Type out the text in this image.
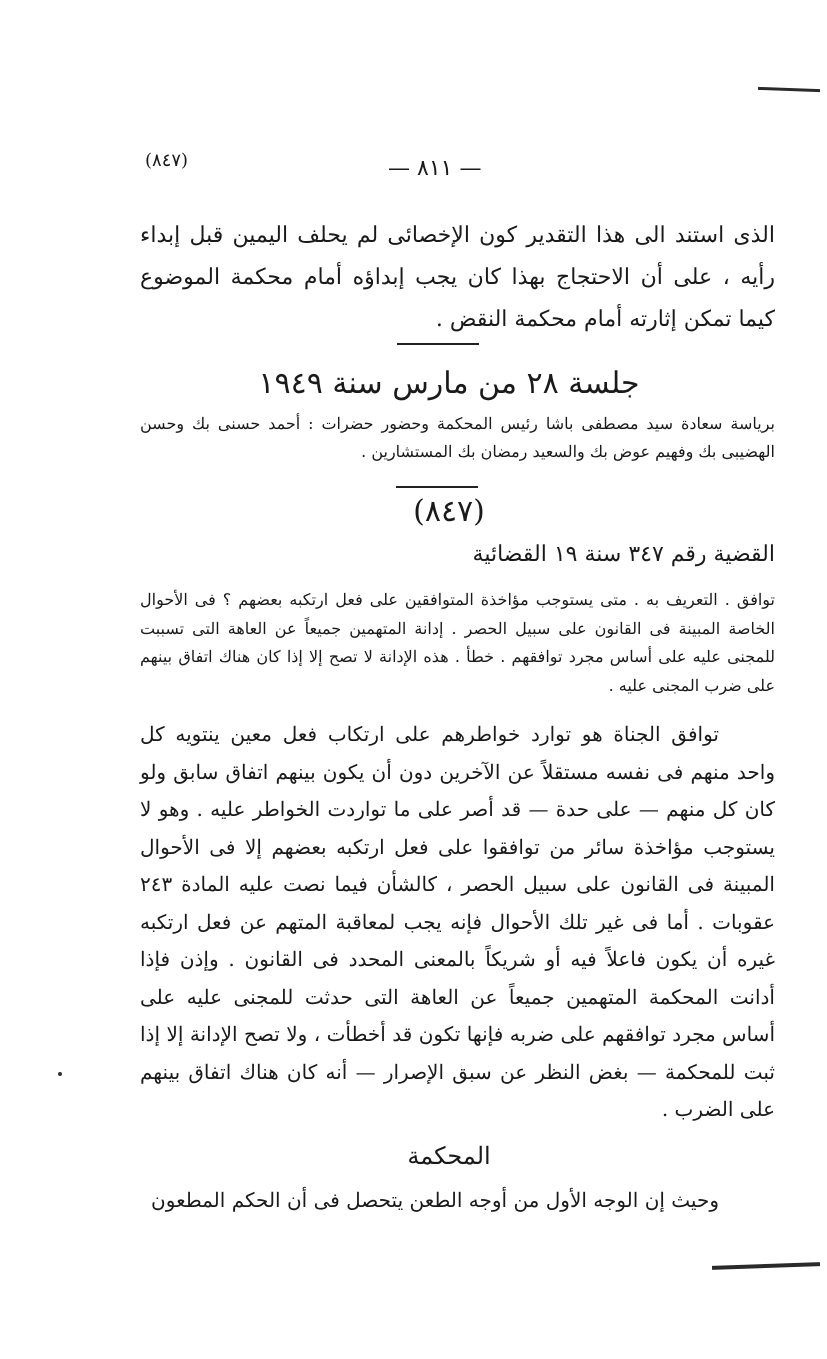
(٨٤٧)	— ٨١١ —

الذى استند الى هذا التقدير كون الإخصائى لم يحلف اليمين قبل إبداء رأيه ، على أن الاحتجاج بهذا كان يجب إبداؤه أمام محكمة الموضوع كيما تمكن إثارته أمام محكمة النقض .

جلسة ٢٨ من مارس سنة ١٩٤٩

برياسة سعادة سيد مصطفى باشا رئيس المحكمة وحضور حضرات : أحمد حسنى بك وحسن الهضيبى بك وفهيم عوض بك والسعيد رمضان بك المستشارين .

(٨٤٧)
القضية رقم ٣٤٧ سنة ١٩ القضائية

توافق . التعريف به . متى يستوجب مؤاخذة المتوافقين على فعل ارتكبه بعضهم ؟ فى الأحوال الخاصة المبينة فى القانون على سبيل الحصر . إدانة المتهمين جميعاً عن العاهة التى تسببت للمجنى عليه على أساس مجرد توافقهم . خطأ . هذه الإدانة لا تصح إلا إذا كان هناك اتفاق بينهم على ضرب المجنى عليه .

توافق الجناة هو توارد خواطرهم على ارتكاب فعل معين ينتويه كل واحد منهم فى نفسه مستقلاً عن الآخرين دون أن يكون بينهم اتفاق سابق ولو كان كل منهم — على حدة — قد أصر على ما تواردت الخواطر عليه . وهو لا يستوجب مؤاخذة سائر من توافقوا على فعل ارتكبه بعضهم إلا فى الأحوال المبينة فى القانون على سبيل الحصر ، كالشأن فيما نصت عليه المادة ٢٤٣ عقوبات . أما فى غير تلك الأحوال فإنه يجب لمعاقبة المتهم عن فعل ارتكبه غيره أن يكون فاعلاً فيه أو شريكاً بالمعنى المحدد فى القانون . وإذن فإذا أدانت المحكمة المتهمين جميعاً عن العاهة التى حدثت للمجنى عليه على أساس مجرد توافقهم على ضربه فإنها تكون قد أخطأت ، ولا تصح الإدانة إلا إذا ثبت للمحكمة — بغض النظر عن سبق الإصرار — أنه كان هناك اتفاق بينهم على الضرب .

المحكمة

وحيث إن الوجه الأول من أوجه الطعن يتحصل فى أن الحكم المطعون
